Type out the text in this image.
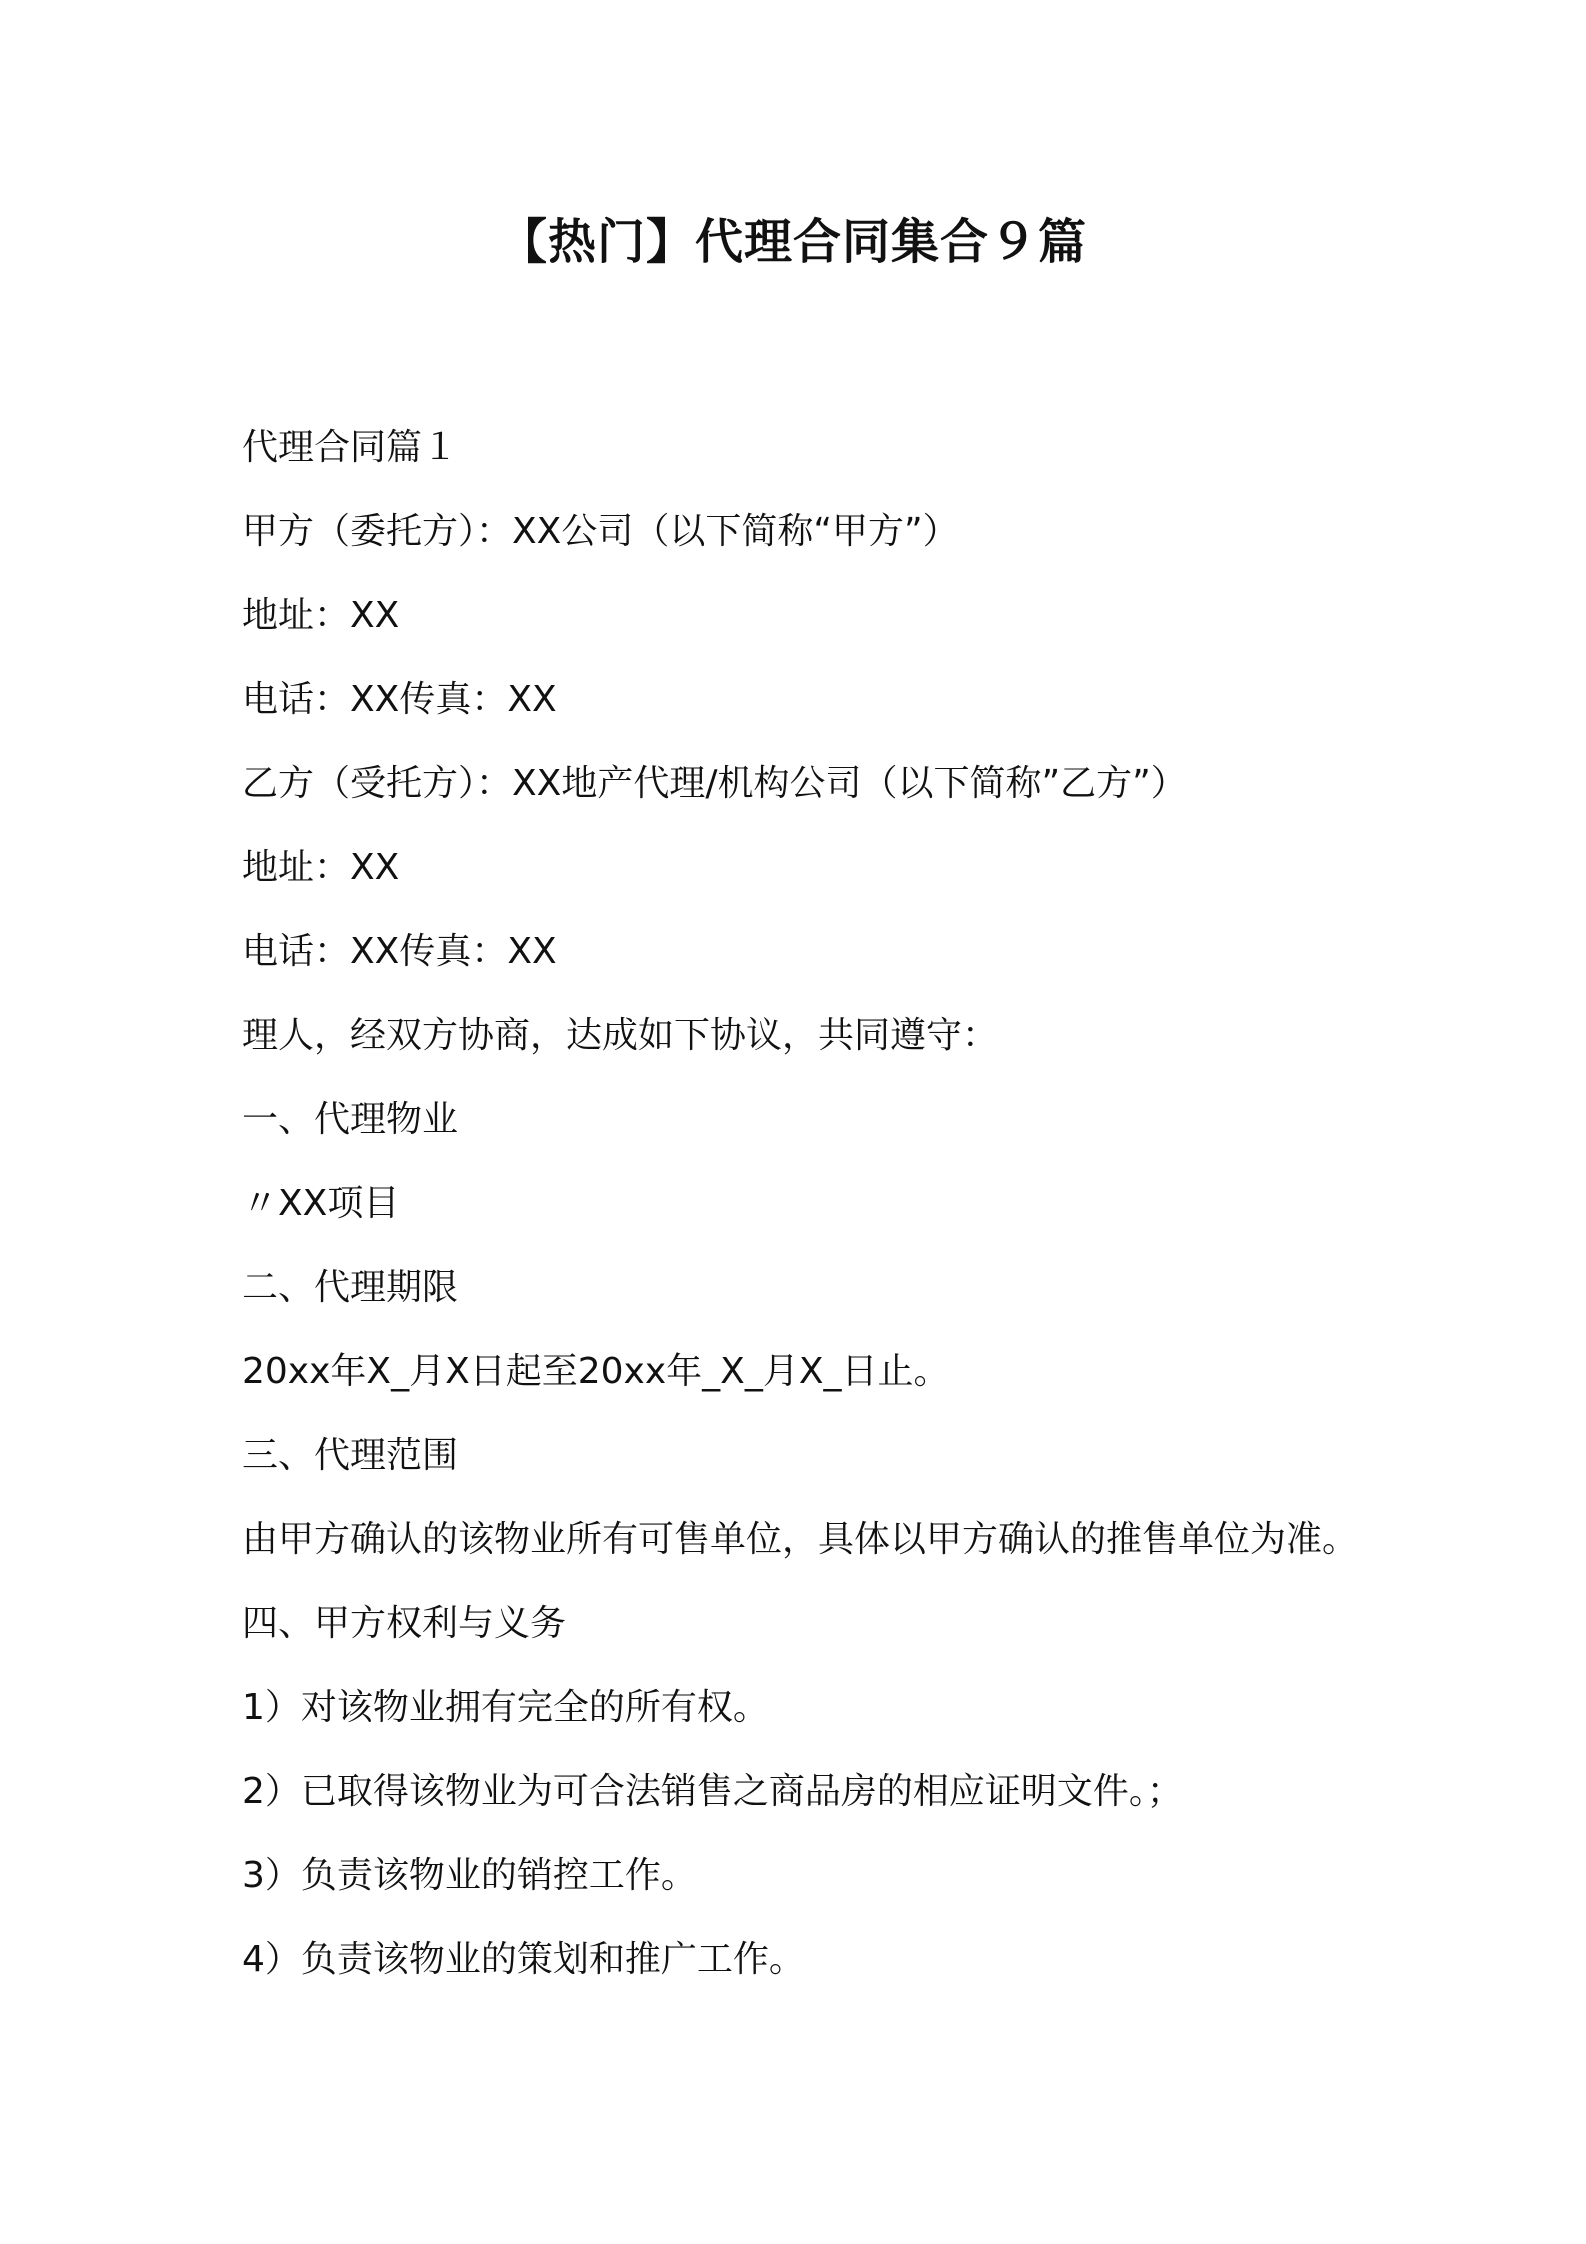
【热门】代理合同集合９篇
代理合同篇１
甲方（委托方）：XX公司（以下简称“甲方”）
地址：XX
电话：XX传真：XX
乙方（受托方）：XX地产代理/机构公司（以下简称”乙方”）
地址：XX
电话：XX传真：XX
理人，经双方协商，达成如下协议，共同遵守：
一、代理物业
〃XX项目
二、代理期限
20xx年X_月X日起至20xx年_X_月X_日止。
三、代理范围
由甲方确认的该物业所有可售单位，具体以甲方确认的推售单位为准。
四、甲方权利与义务
1）对该物业拥有完全的所有权。
2）已取得该物业为可合法销售之商品房的相应证明文件。；
3）负责该物业的销控工作。
4）负责该物业的策划和推广工作。
